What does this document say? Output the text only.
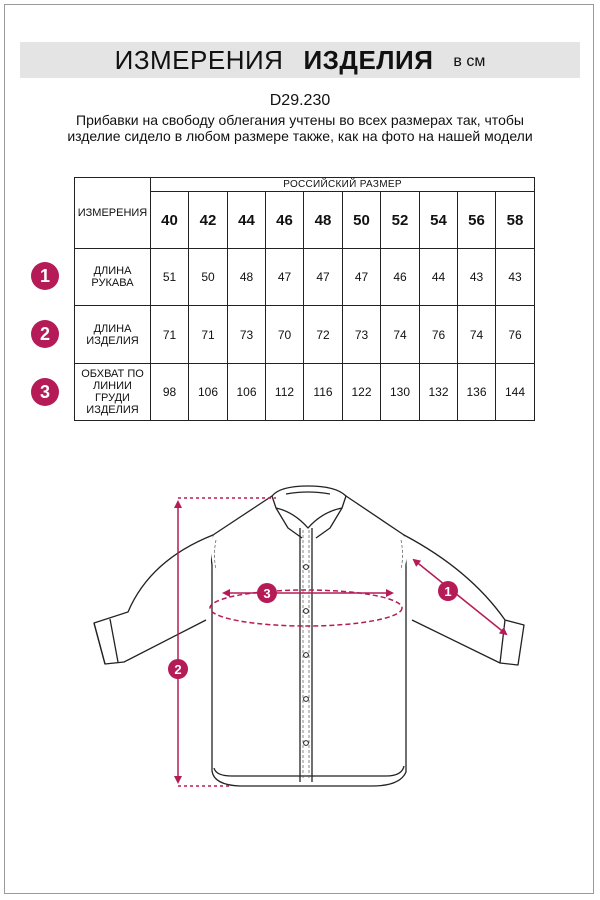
ИЗМЕРЕНИЯ ИЗДЕЛИЯ в см
D29.230
Прибавки на свободу облегания учтены во всех размерах так, чтобы изделие сидело в любом размере также, как на фото на нашей модели
ИЗМЕРЕНИЯ	РОССИЙСКИЙ РАЗМЕР									
	40	42	44	46	48	50	52	54	56	58
ДЛИНА РУКАВА	51	50	48	47	47	47	46	44	43	43
ДЛИНА ИЗДЕЛИЯ	71	71	73	70	72	73	74	76	74	76
ОБХВАТ ПО ЛИНИИ ГРУДИ ИЗДЕЛИЯ	98	106	106	112	116	122	130	132	136	144
1
2
3
1
2
3
